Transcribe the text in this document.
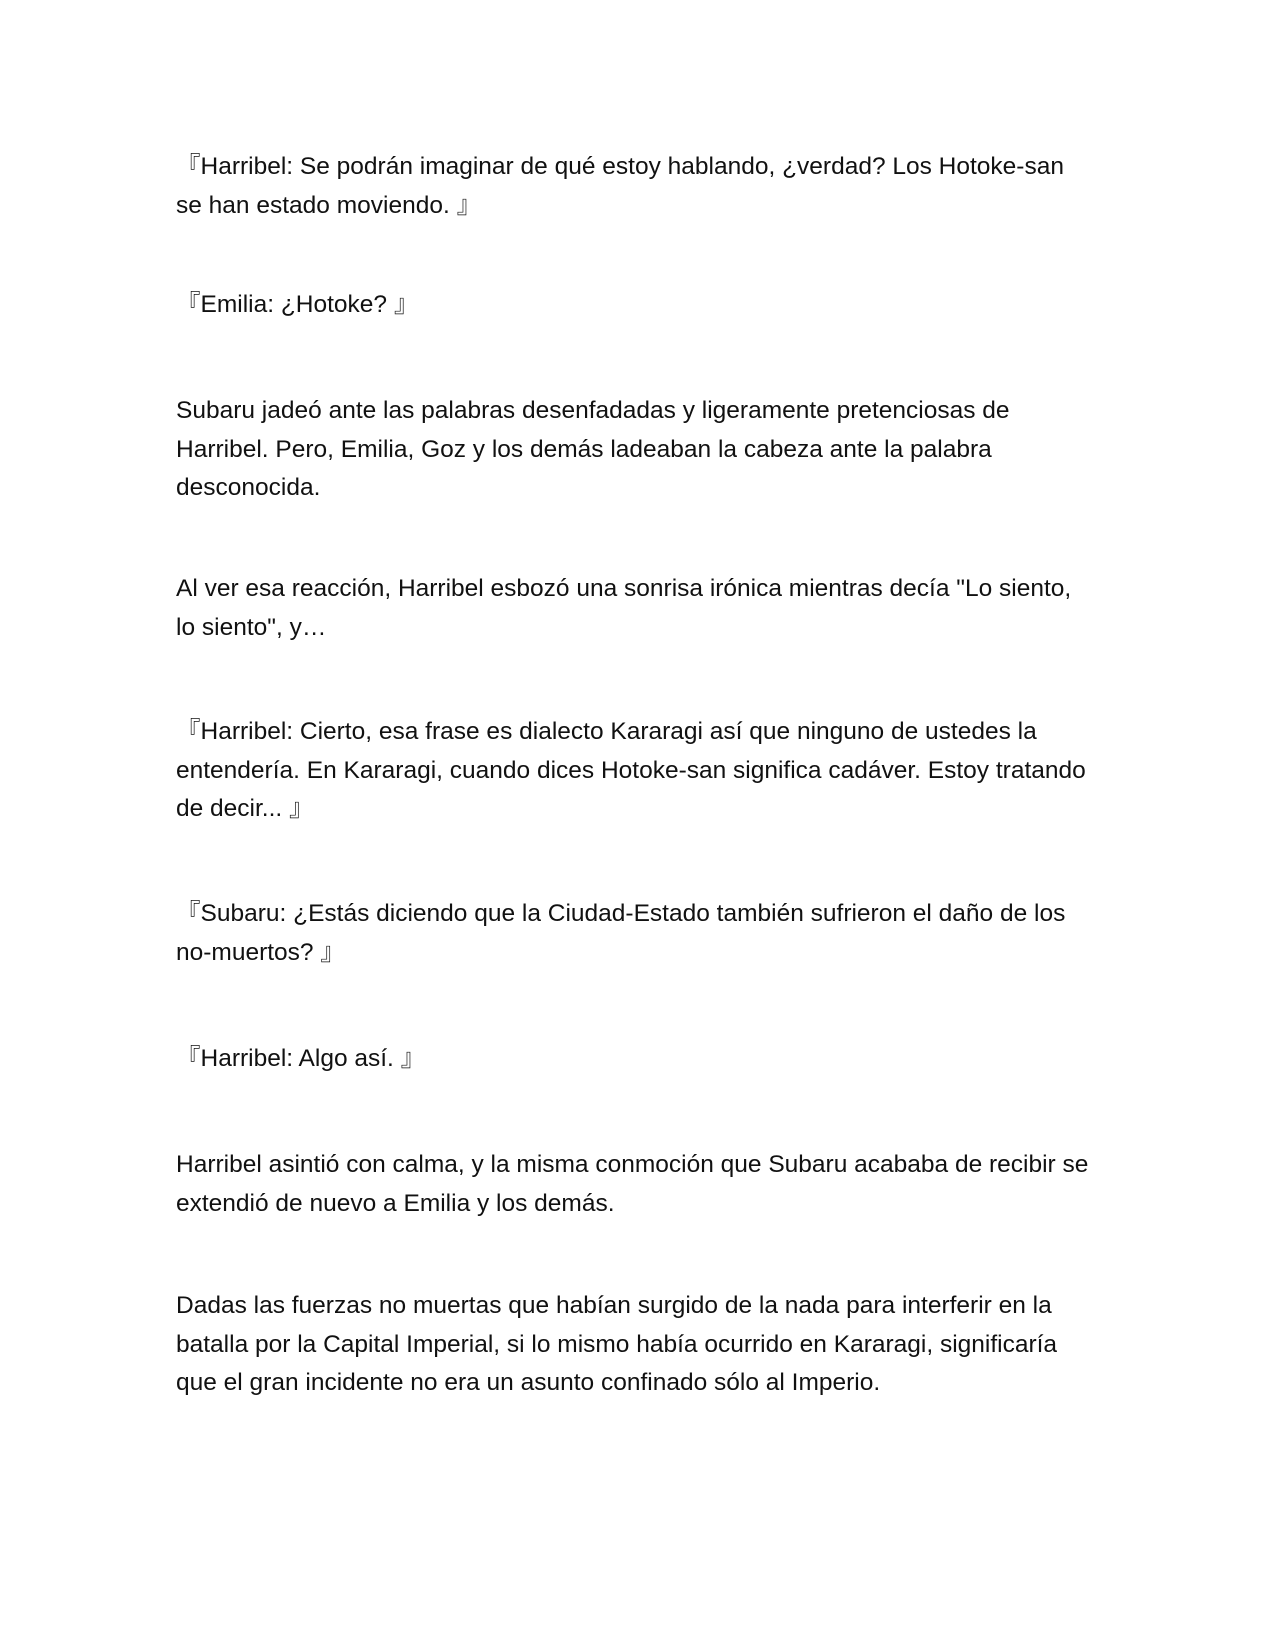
『Harribel: Se podrán imaginar de qué estoy hablando, ¿verdad? Los Hotoke-san se han estado moviendo. 』

『Emilia: ¿Hotoke? 』

Subaru jadeó ante las palabras desenfadadas y ligeramente pretenciosas de Harribel. Pero, Emilia, Goz y los demás ladeaban la cabeza ante la palabra desconocida.

Al ver esa reacción, Harribel esbozó una sonrisa irónica mientras decía "Lo siento, lo siento", y…

『Harribel: Cierto, esa frase es dialecto Kararagi así que ninguno de ustedes la entendería. En Kararagi, cuando dices Hotoke-san significa cadáver. Estoy tratando de decir... 』

『Subaru: ¿Estás diciendo que la Ciudad-Estado también sufrieron el daño de los no-muertos? 』

『Harribel: Algo así. 』

Harribel asintió con calma, y la misma conmoción que Subaru acababa de recibir se extendió de nuevo a Emilia y los demás.

Dadas las fuerzas no muertas que habían surgido de la nada para interferir en la batalla por la Capital Imperial, si lo mismo había ocurrido en Kararagi, significaría que el gran incidente no era un asunto confinado sólo al Imperio.
